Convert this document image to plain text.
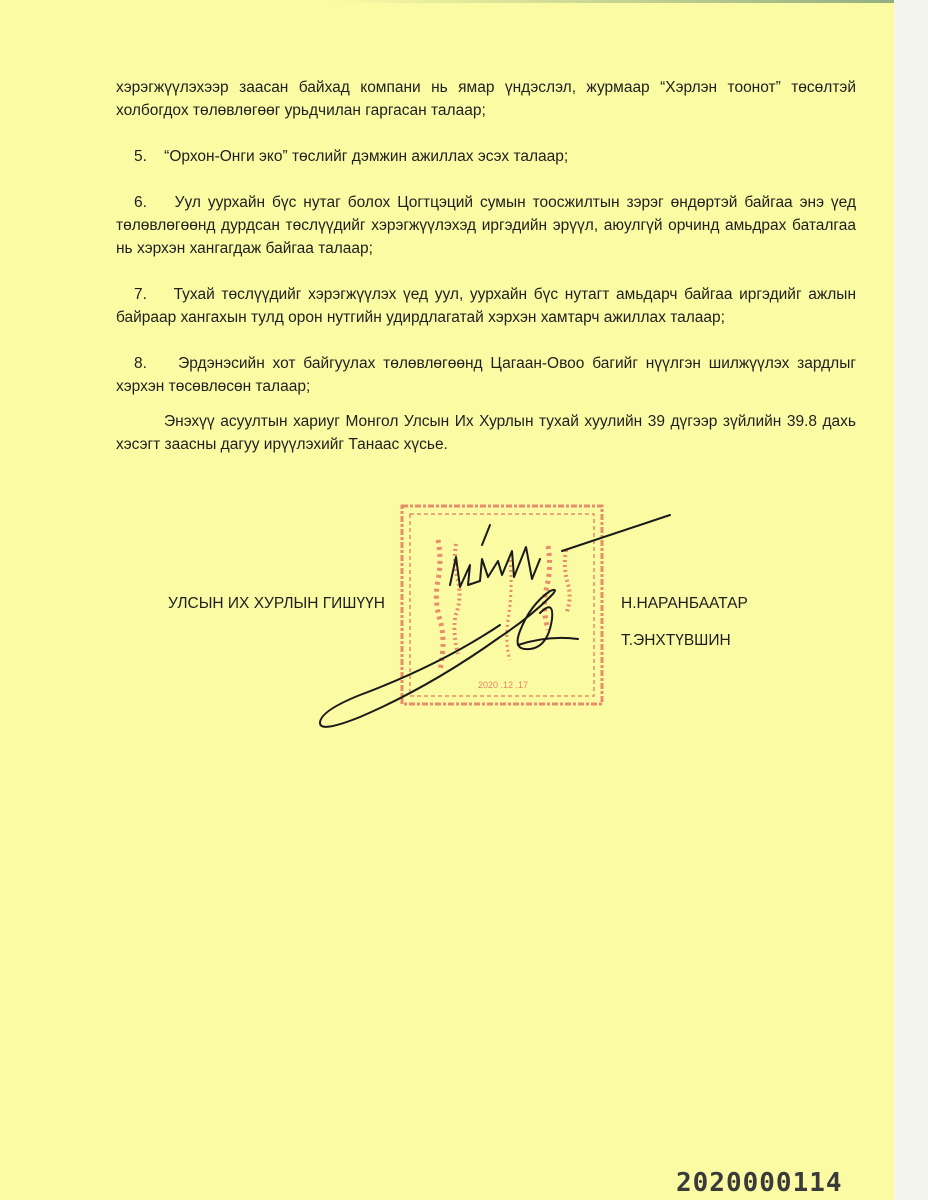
хэрэгжүүлэхээр заасан байхад компани нь ямар үндэслэл, журмаар “Хэрлэн тоонот” төсөлтэй холбогдох төлөвлөгөөг урьдчилан гаргасан талаар;

5. “Орхон-Онги эко” төслийг дэмжин ажиллах эсэх талаар;

6. Уул уурхайн бүс нутаг болох Цогтцэций сумын тоосжилтын зэрэг өндөртэй байгаа энэ үед төлөвлөгөөнд дурдсан төслүүдийг хэрэгжүүлэхэд иргэдийн эрүүл, аюулгүй орчинд амьдрах баталгаа нь хэрхэн хангагдаж байгаа талаар;

7. Тухай төслүүдийг хэрэгжүүлэх үед уул, уурхайн бүс нутагт амьдарч байгаа иргэдийг ажлын байраар хангахын тулд орон нутгийн удирдлагатай хэрхэн хамтарч ажиллах талаар;

8. Эрдэнэсийн хот байгуулах төлөвлөгөөнд Цагаан-Овоо багийг нүүлгэн шилжүүлэх зардлыг хэрхэн төсөвлөсөн талаар;

Энэхүү асуултын хариуг Монгол Улсын Их Хурлын тухай хуулийн 39 дүгээр зүйлийн 39.8 дахь хэсэгт заасны дагуу ирүүлэхийг Танаас хүсье.

УЛСЫН ИХ ХУРЛЫН ГИШҮҮН	Н.НАРАНБААТАР
Т.ЭНХТҮВШИН
2020 .12 .17
2020000114
